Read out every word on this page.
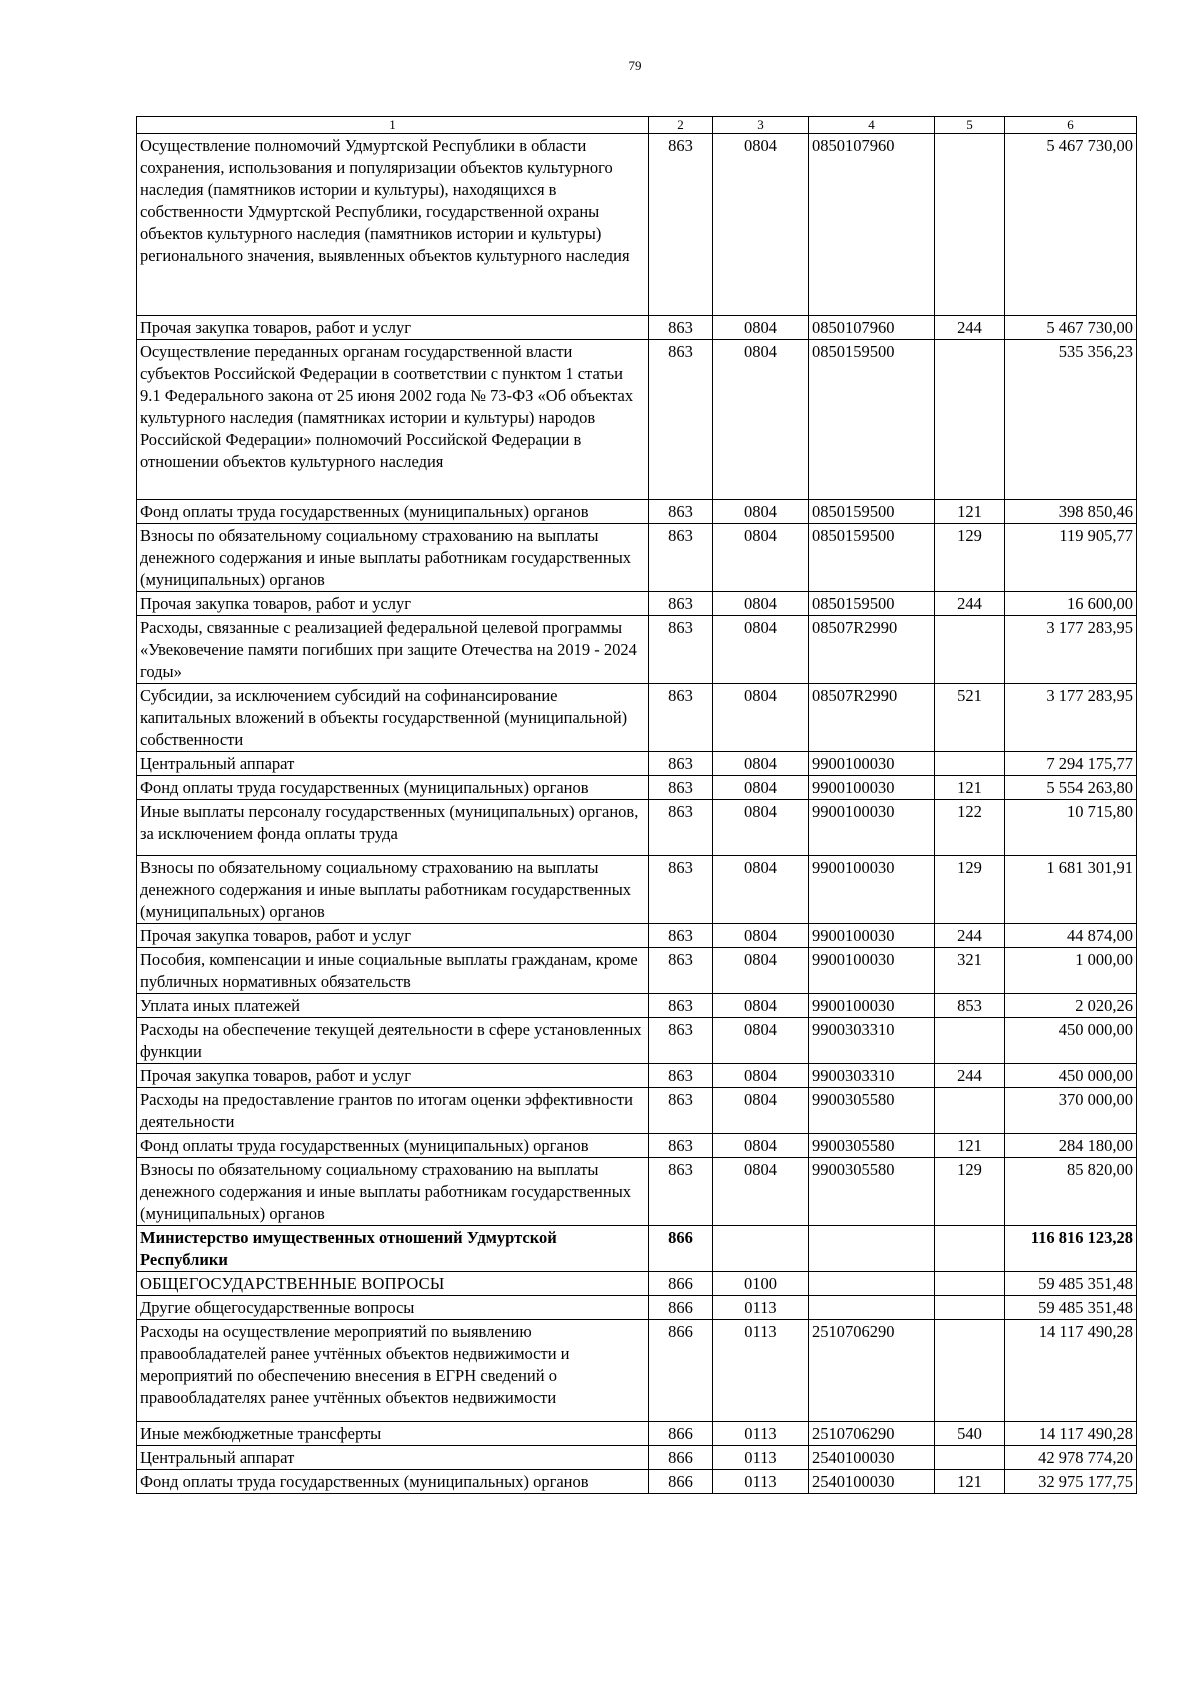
79
1	2	3	4	5	6
Осуществление полномочий Удмуртской Республики в области сохранения, использования и популяризации объектов культурного наследия (памятников истории и культуры), находящихся в собственности Удмуртской Республики, государственной охраны объектов культурного наследия (памятников истории и культуры) регионального значения, выявленных объектов культурного наследия	863	0804	0850107960		5 467 730,00
Прочая закупка товаров, работ и услуг	863	0804	0850107960	244	5 467 730,00
Осуществление переданных органам государственной власти субъектов Российской Федерации в соответствии с пунктом 1 статьи 9.1 Федерального закона от 25 июня 2002 года № 73-ФЗ «Об объектах культурного наследия (памятниках истории и культуры) народов Российской Федерации» полномочий Российской Федерации в отношении объектов культурного наследия	863	0804	0850159500		535 356,23
Фонд оплаты труда государственных (муниципальных) органов	863	0804	0850159500	121	398 850,46
Взносы по обязательному социальному страхованию на выплаты денежного содержания и иные выплаты работникам государственных (муниципальных) органов	863	0804	0850159500	129	119 905,77
Прочая закупка товаров, работ и услуг	863	0804	0850159500	244	16 600,00
Расходы, связанные с реализацией федеральной целевой программы «Увековечение памяти погибших при защите Отечества на 2019 - 2024 годы»	863	0804	08507R2990		3 177 283,95
Субсидии, за исключением субсидий на софинансирование капитальных вложений в объекты государственной (муниципальной) собственности	863	0804	08507R2990	521	3 177 283,95
Центральный аппарат	863	0804	9900100030		7 294 175,77
Фонд оплаты труда государственных (муниципальных) органов	863	0804	9900100030	121	5 554 263,80
Иные выплаты персоналу государственных (муниципальных) органов, за исключением фонда оплаты труда	863	0804	9900100030	122	10 715,80
Взносы по обязательному социальному страхованию на выплаты денежного содержания и иные выплаты работникам государственных (муниципальных) органов	863	0804	9900100030	129	1 681 301,91
Прочая закупка товаров, работ и услуг	863	0804	9900100030	244	44 874,00
Пособия, компенсации и иные социальные выплаты гражданам, кроме публичных нормативных обязательств	863	0804	9900100030	321	1 000,00
Уплата иных платежей	863	0804	9900100030	853	2 020,26
Расходы на обеспечение текущей деятельности в сфере установленных функции	863	0804	9900303310		450 000,00
Прочая закупка товаров, работ и услуг	863	0804	9900303310	244	450 000,00
Расходы на предоставление грантов по итогам оценки эффективности деятельности	863	0804	9900305580		370 000,00
Фонд оплаты труда государственных (муниципальных) органов	863	0804	9900305580	121	284 180,00
Взносы по обязательному социальному страхованию на выплаты денежного содержания и иные выплаты работникам государственных (муниципальных) органов	863	0804	9900305580	129	85 820,00
Министерство имущественных отношений Удмуртской Республики	866				116 816 123,28
ОБЩЕГОСУДАРСТВЕННЫЕ ВОПРОСЫ	866	0100			59 485 351,48
Другие общегосударственные вопросы	866	0113			59 485 351,48
Расходы на осуществление мероприятий по выявлению правообладателей ранее учтённых объектов недвижимости и мероприятий по обеспечению внесения в ЕГРН сведений о правообладателях ранее учтённых объектов недвижимости	866	0113	2510706290		14 117 490,28
Иные межбюджетные трансферты	866	0113	2510706290	540	14 117 490,28
Центральный аппарат	866	0113	2540100030		42 978 774,20
Фонд оплаты труда государственных (муниципальных) органов	866	0113	2540100030	121	32 975 177,75
